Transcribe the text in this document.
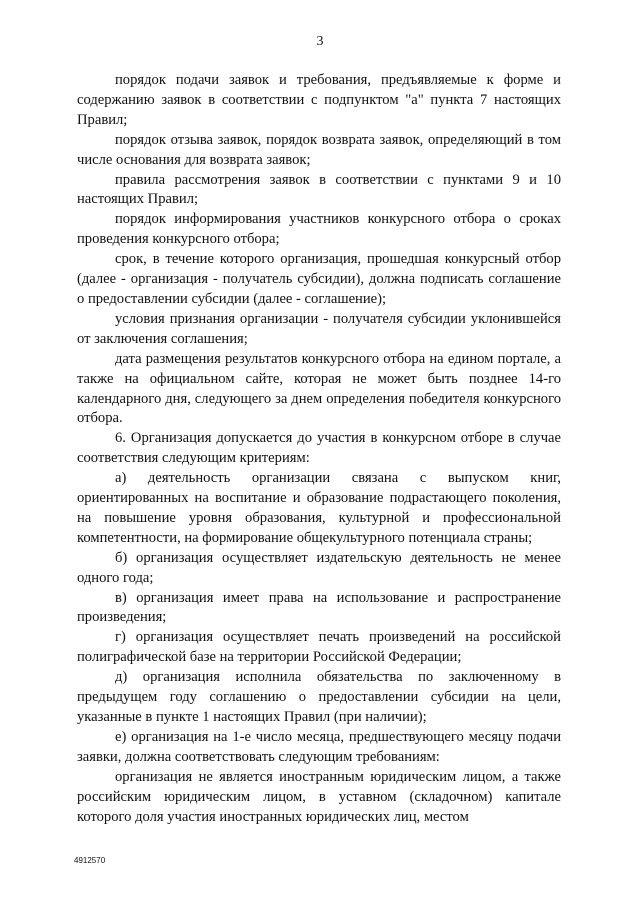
3

порядок подачи заявок и требования, предъявляемые к форме и содержанию заявок в соответствии с подпунктом "а" пункта 7 настоящих Правил;

порядок отзыва заявок, порядок возврата заявок, определяющий в том числе основания для возврата заявок;

правила рассмотрения заявок в соответствии с пунктами 9 и 10 настоящих Правил;

порядок информирования участников конкурсного отбора о сроках проведения конкурсного отбора;

срок, в течение которого организация, прошедшая конкурсный отбор (далее - организация - получатель субсидии), должна подписать соглашение о предоставлении субсидии (далее - соглашение);

условия признания организации - получателя субсидии уклонившейся от заключения соглашения;

дата размещения результатов конкурсного отбора на едином портале, а также на официальном сайте, которая не может быть позднее 14-го календарного дня, следующего за днем определения победителя конкурсного отбора.

6. Организация допускается до участия в конкурсном отборе в случае соответствия следующим критериям:

а) деятельность организации связана с выпуском книг, ориентированных на воспитание и образование подрастающего поколения, на повышение уровня образования, культурной и профессиональной компетентности, на формирование общекультурного потенциала страны;

б) организация осуществляет издательскую деятельность не менее одного года;

в) организация имеет права на использование и распространение произведения;

г) организация осуществляет печать произведений на российской полиграфической базе на территории Российской Федерации;

д) организация исполнила обязательства по заключенному в предыдущем году соглашению о предоставлении субсидии на цели, указанные в пункте 1 настоящих Правил (при наличии);

е) организация на 1-е число месяца, предшествующего месяцу подачи заявки, должна соответствовать следующим требованиям:

организация не является иностранным юридическим лицом, а также российским юридическим лицом, в уставном (складочном) капитале которого доля участия иностранных юридических лиц, местом

4912570
